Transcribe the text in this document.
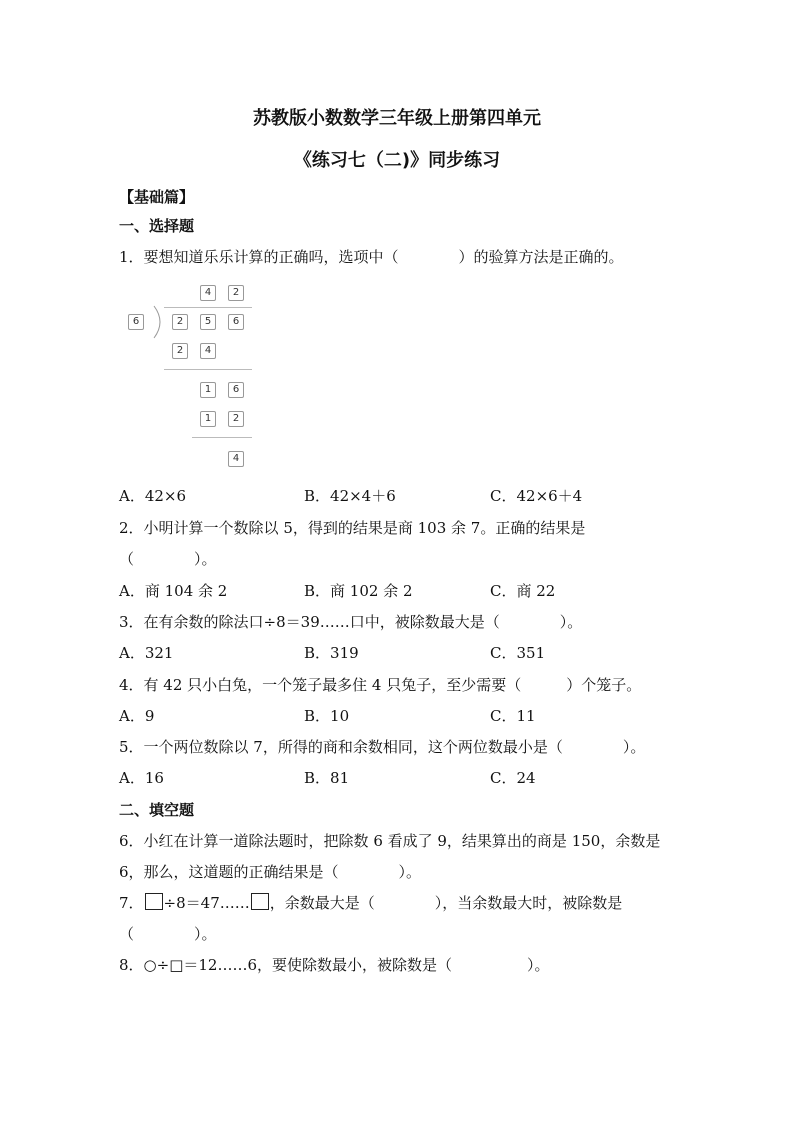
苏教版小数数学三年级上册第四单元
《练习七（二)》同步练习
【基础篇】
一、选择题
1．要想知道乐乐计算的正确吗，选项中（　　　　）的验算方法是正确的。
6
4	2
2	5	6
2	4
1	6
1	2
4
A．42×6	B．42×4＋6	C．42×6＋4
2．小明计算一个数除以 5，得到的结果是商 103 余 7。正确的结果是
（　　　　）。
A．商 104 余 2	B．商 102 余 2	C．商 22
3．在有余数的除法口÷8＝39……口中，被除数最大是（　　　　）。
A．321	B．319	C．351
4．有 42 只小白兔，一个笼子最多住 4 只兔子，至少需要（　　　）个笼子。
A．9	B．10	C．11
5．一个两位数除以 7，所得的商和余数相同，这个两位数最小是（　　　　）。
A．16	B．81	C．24
二、填空题
6．小红在计算一道除法题时，把除数 6 看成了 9，结果算出的商是 150，余数是
6，那么，这道题的正确结果是（　　　　）。
7． ÷8＝47…… ，余数最大是（　　　　），当余数最大时，被除数是
（　　　　）。
8．○÷□＝12……6，要使除数最小，被除数是（　　　　　）。
